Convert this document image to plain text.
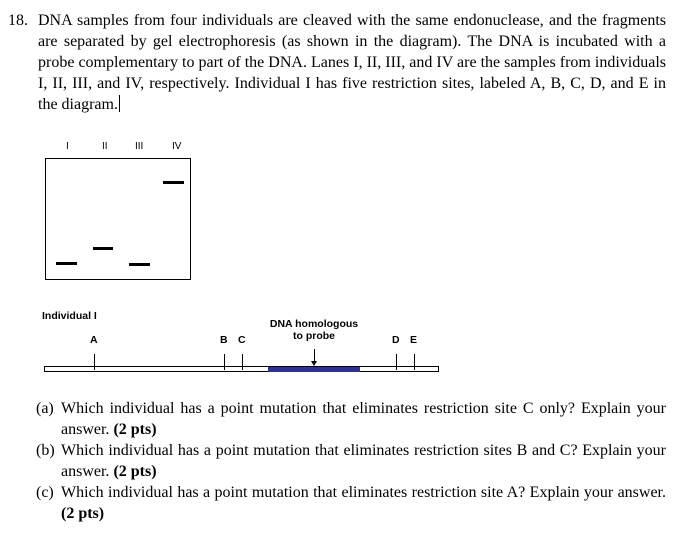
18. DNA samples from four individuals are cleaved with the same endonuclease, and the fragments are separated by gel electrophoresis (as shown in the diagram). The DNA is incubated with a probe complementary to part of the DNA. Lanes I, II, III, and IV are the samples from individuals I, II, III, and IV, respectively. Individual I has five restriction sites, labeled A, B, C, D, and E in the diagram.
I	II	III	IV
Individual I
A	B C	D E
DNA homologous
to probe
(a) Which individual has a point mutation that eliminates restriction site C only? Explain your answer. (2 pts)
(b) Which individual has a point mutation that eliminates restriction sites B and C? Explain your answer. (2 pts)
(c) Which individual has a point mutation that eliminates restriction site A? Explain your answer. (2 pts)
